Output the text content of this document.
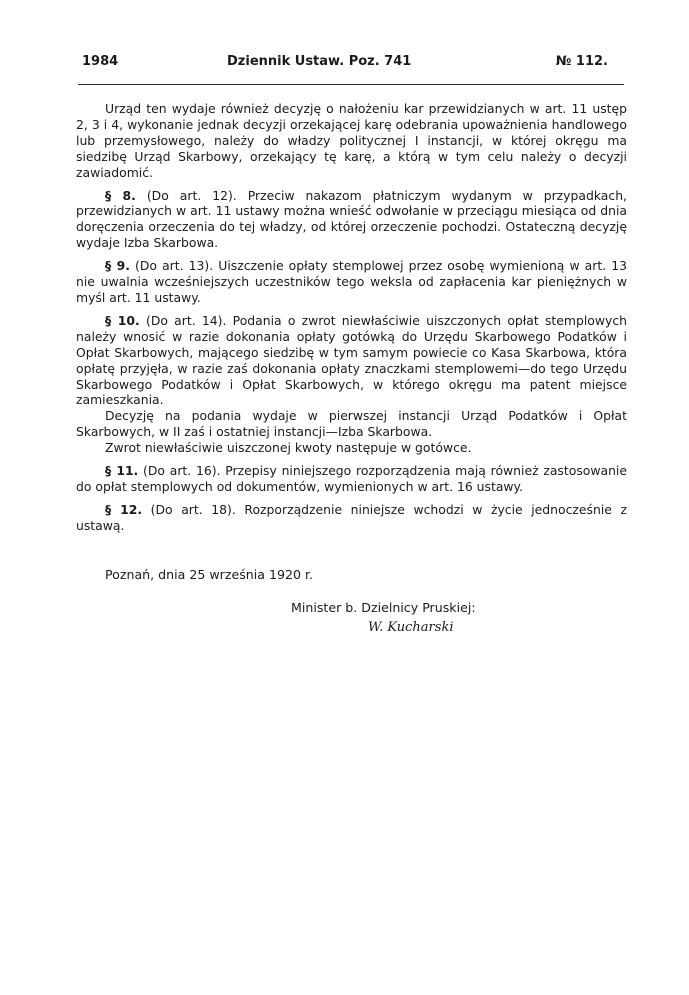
1984	Dziennik Ustaw. Poz. 741	№ 112.

Urząd ten wydaje również decyzję o nałożeniu kar przewidzianych w art. 11 ustęp 2, 3 i 4, wykonanie jednak decyzji orzekającej karę odebrania upoważnienia handlowego lub przemysłowego, należy do władzy politycznej I instancji, w której okręgu ma siedzibę Urząd Skarbowy, orzekający tę karę, a którą w tym celu należy o decyzji zawiadomić.

§ 8. (Do art. 12). Przeciw nakazom płatniczym wydanym w przypadkach, przewidzianych w art. 11 ustawy można wnieść odwołanie w przeciągu miesiąca od dnia doręczenia orzeczenia do tej władzy, od której orzeczenie pochodzi. Ostateczną decyzję wydaje Izba Skarbowa.

§ 9. (Do art. 13). Uiszczenie opłaty stemplowej przez osobę wymienioną w art. 13 nie uwalnia wcześniejszych uczestników tego weksla od zapłacenia kar pieniężnych w myśl art. 11 ustawy.

§ 10. (Do art. 14). Podania o zwrot niewłaściwie uiszczonych opłat stemplowych należy wnosić w razie dokonania opłaty gotówką do Urzędu Skarbowego Podatków i Opłat Skarbowych, mającego siedzibę w tym samym powiecie co Kasa Skarbowa, która opłatę przyjęła, w razie zaś dokonania opłaty znaczkami stemplowemi—do tego Urzędu Skarbowego Podatków i Opłat Skarbowych, w którego okręgu ma patent miejsce zamieszkania.

Decyzję na podania wydaje w pierwszej instancji Urząd Podatków i Opłat Skarbowych, w II zaś i ostatniej instancji—Izba Skarbowa.

Zwrot niewłaściwie uiszczonej kwoty następuje w gotówce.

§ 11. (Do art. 16). Przepisy niniejszego rozporządzenia mają również zastosowanie do opłat stemplowych od dokumentów, wymienionych w art. 16 ustawy.

§ 12. (Do art. 18). Rozporządzenie niniejsze wchodzi w życie jednocześnie z ustawą.

Poznań, dnia 25 września 1920 r.
Minister b. Dzielnicy Pruskiej:
W. Kucharski
